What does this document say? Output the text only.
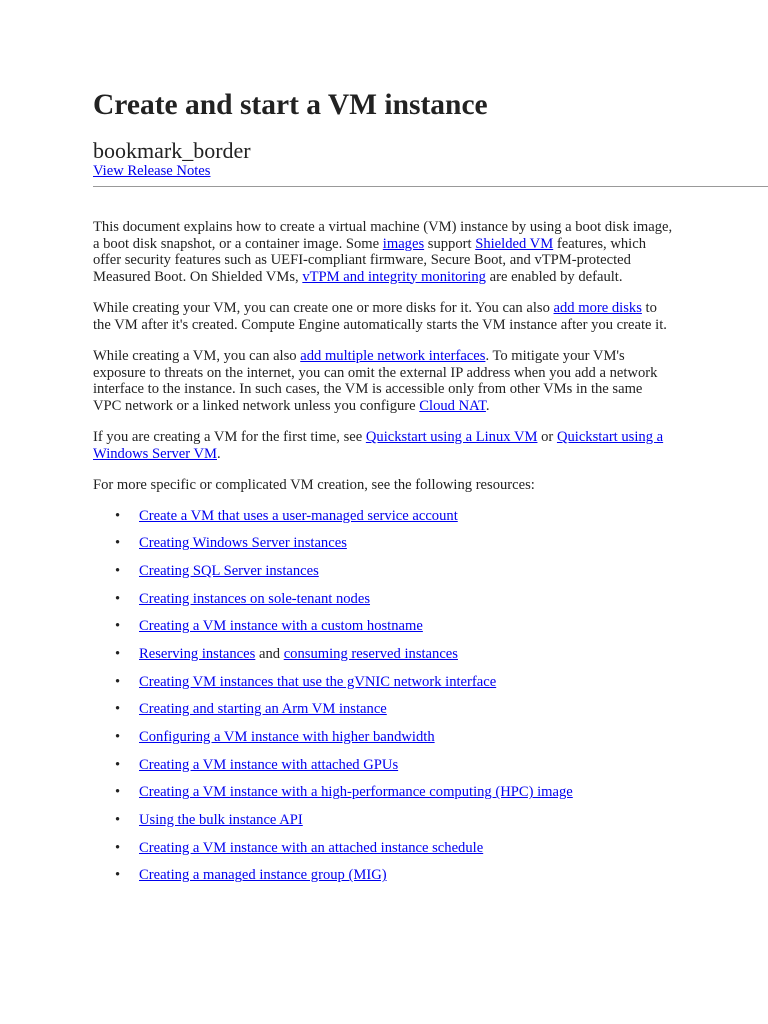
Create and start a VM instance
bookmark_border
View Release Notes

This document explains how to create a virtual machine (VM) instance by using a boot disk image, a boot disk snapshot, or a container image. Some images support Shielded VM features, which offer security features such as UEFI-compliant firmware, Secure Boot, and vTPM-protected Measured Boot. On Shielded VMs, vTPM and integrity monitoring are enabled by default.

While creating your VM, you can create one or more disks for it. You can also add more disks to the VM after it's created. Compute Engine automatically starts the VM instance after you create it.

While creating a VM, you can also add multiple network interfaces. To mitigate your VM's exposure to threats on the internet, you can omit the external IP address when you add a network interface to the instance. In such cases, the VM is accessible only from other VMs in the same VPC network or a linked network unless you configure Cloud NAT.

If you are creating a VM for the first time, see Quickstart using a Linux VM or Quickstart using a Windows Server VM.

For more specific or complicated VM creation, see the following resources:

• Create a VM that uses a user-managed service account
• Creating Windows Server instances
• Creating SQL Server instances
• Creating instances on sole-tenant nodes
• Creating a VM instance with a custom hostname
• Reserving instances and consuming reserved instances
• Creating VM instances that use the gVNIC network interface
• Creating and starting an Arm VM instance
• Configuring a VM instance with higher bandwidth
• Creating a VM instance with attached GPUs
• Creating a VM instance with a high-performance computing (HPC) image
• Using the bulk instance API
• Creating a VM instance with an attached instance schedule
• Creating a managed instance group (MIG)
